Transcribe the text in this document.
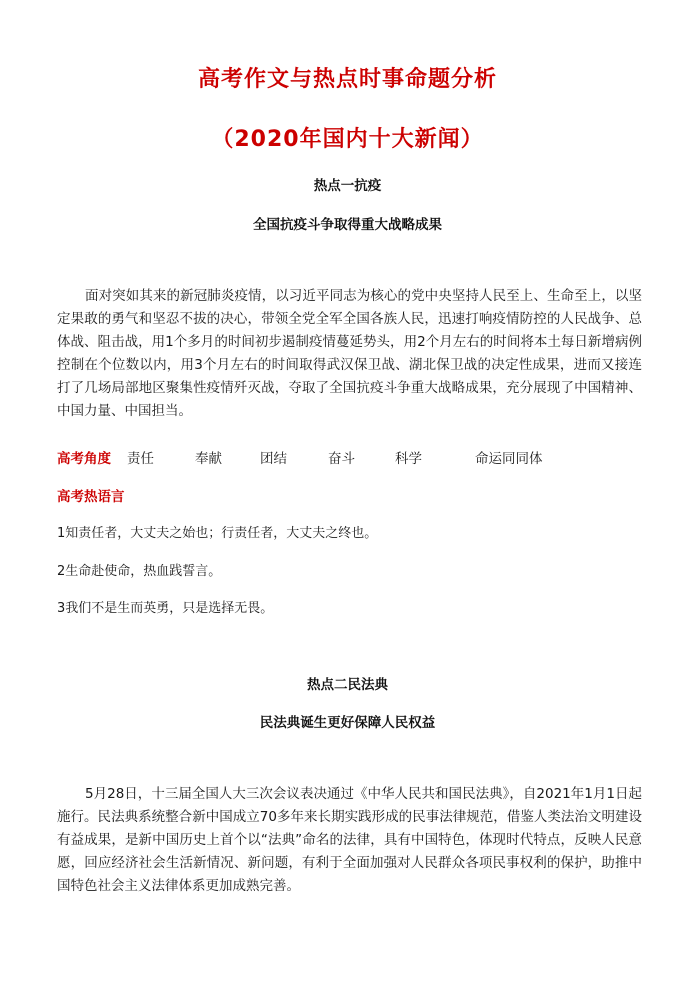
高考作文与热点时事命题分析
（2020年国内十大新闻）
热点一抗疫
全国抗疫斗争取得重大战略成果
面对突如其来的新冠肺炎疫情，以习近平同志为核心的党中央坚持人民至上、生命至上，以坚定果敢的勇气和坚忍不拔的决心，带领全党全军全国各族人民，迅速打响疫情防控的人民战争、总体战、阻击战，用1个多月的时间初步遏制疫情蔓延势头，用2个月左右的时间将本土每日新增病例控制在个位数以内，用3个月左右的时间取得武汉保卫战、湖北保卫战的决定性成果，进而又接连打了几场局部地区聚集性疫情歼灭战，夺取了全国抗疫斗争重大战略成果，充分展现了中国精神、中国力量、中国担当。
高考角度 责任	奉献	团结	奋斗	科学	命运同同体
高考热语言
1知责任者，大丈夫之始也；行责任者，大丈夫之终也。
2生命赴使命，热血践誓言。
3我们不是生而英勇，只是选择无畏。
热点二民法典
民法典诞生更好保障人民权益
5月28日，十三届全国人大三次会议表决通过《中华人民共和国民法典》，自2021年1月1日起施行。民法典系统整合新中国成立70多年来长期实践形成的民事法律规范，借鉴人类法治文明建设有益成果，是新中国历史上首个以“法典”命名的法律，具有中国特色，体现时代特点，反映人民意愿，回应经济社会生活新情况、新问题，有利于全面加强对人民群众各项民事权利的保护，助推中国特色社会主义法律体系更加成熟完善。
